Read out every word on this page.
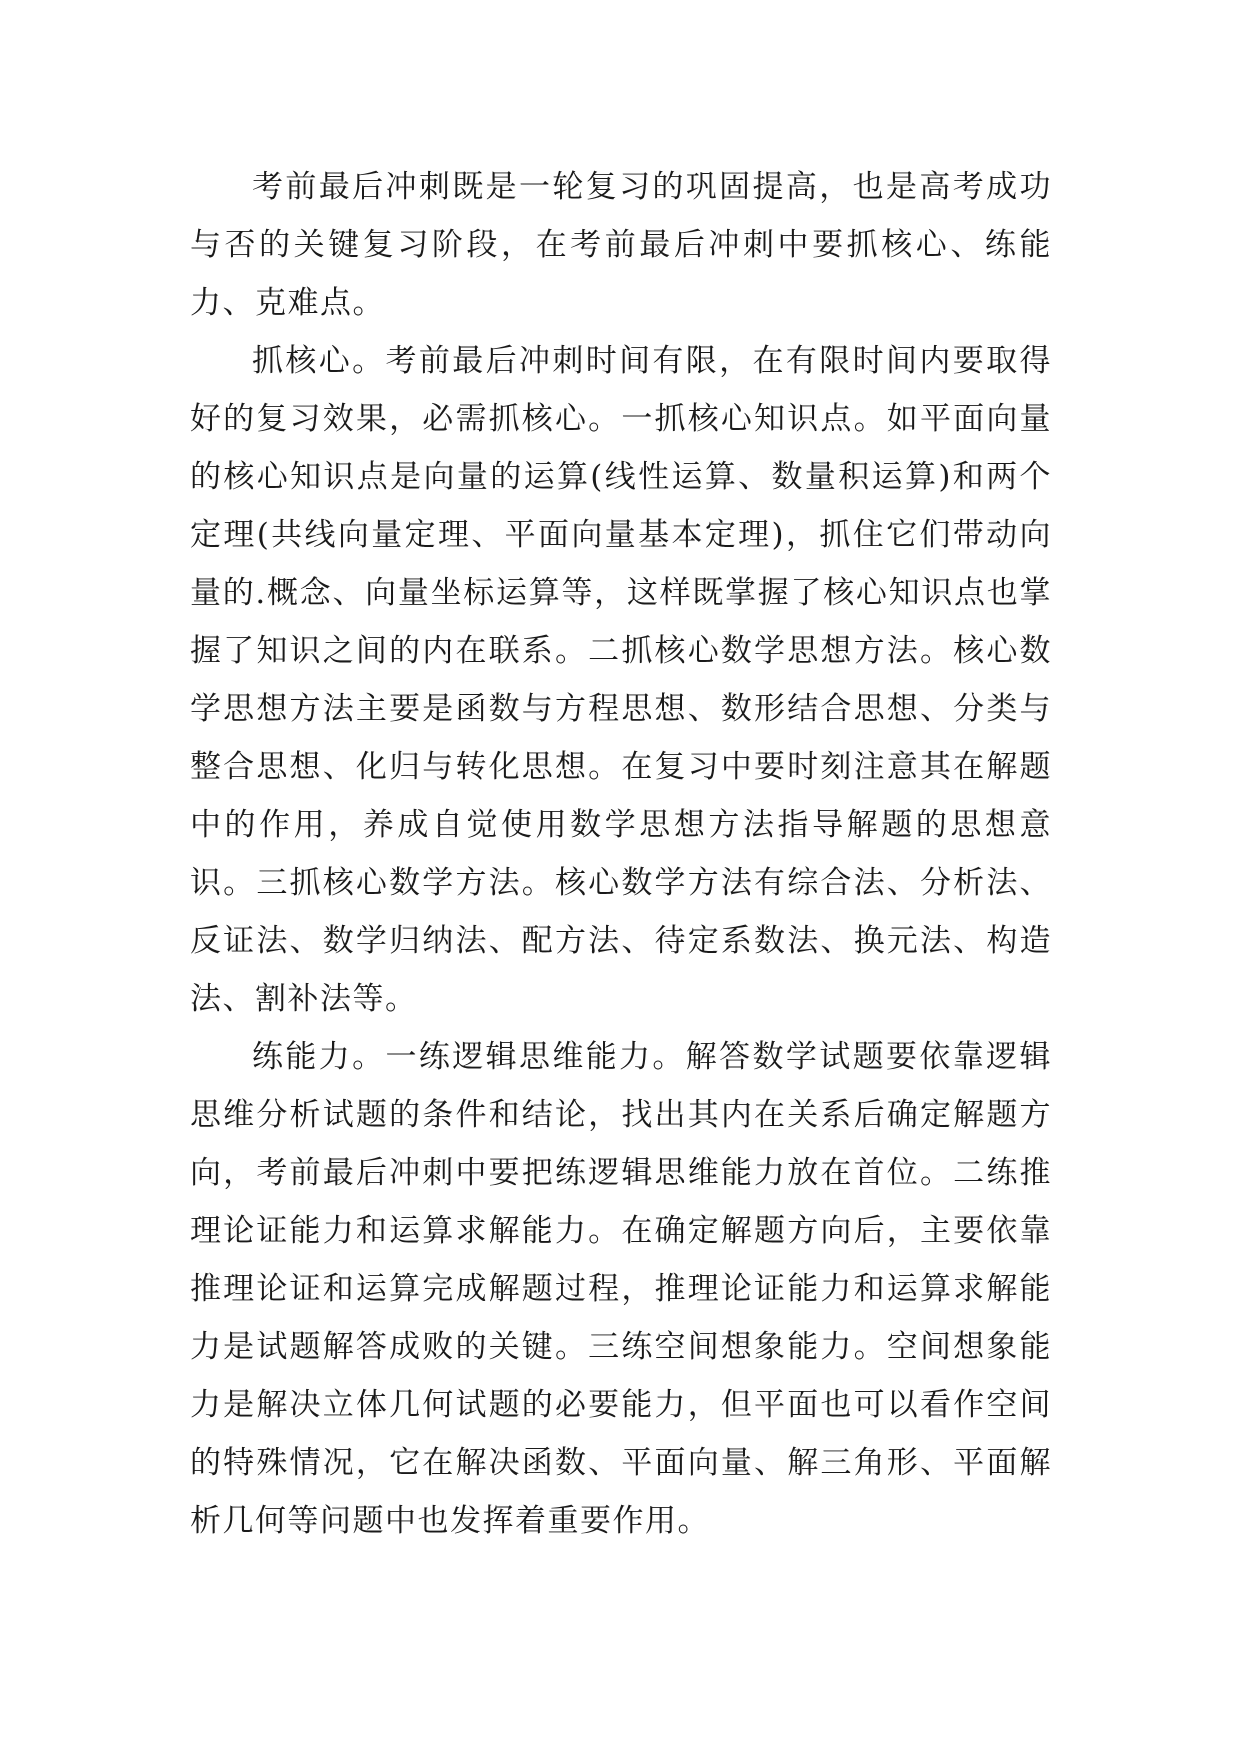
考前最后冲刺既是一轮复习的巩固提高，也是高考成功与否的关键复习阶段，在考前最后冲刺中要抓核心、练能力、克难点。

抓核心。考前最后冲刺时间有限，在有限时间内要取得好的复习效果，必需抓核心。一抓核心知识点。如平面向量的核心知识点是向量的运算(线性运算、数量积运算)和两个定理(共线向量定理、平面向量基本定理)，抓住它们带动向量的.概念、向量坐标运算等，这样既掌握了核心知识点也掌握了知识之间的内在联系。二抓核心数学思想方法。核心数学思想方法主要是函数与方程思想、数形结合思想、分类与整合思想、化归与转化思想。在复习中要时刻注意其在解题中的作用，养成自觉使用数学思想方法指导解题的思想意识。三抓核心数学方法。核心数学方法有综合法、分析法、反证法、数学归纳法、配方法、待定系数法、换元法、构造法、割补法等。

练能力。一练逻辑思维能力。解答数学试题要依靠逻辑思维分析试题的条件和结论，找出其内在关系后确定解题方向，考前最后冲刺中要把练逻辑思维能力放在首位。二练推理论证能力和运算求解能力。在确定解题方向后，主要依靠推理论证和运算完成解题过程，推理论证能力和运算求解能力是试题解答成败的关键。三练空间想象能力。空间想象能力是解决立体几何试题的必要能力，但平面也可以看作空间的特殊情况，它在解决函数、平面向量、解三角形、平面解析几何等问题中也发挥着重要作用。
